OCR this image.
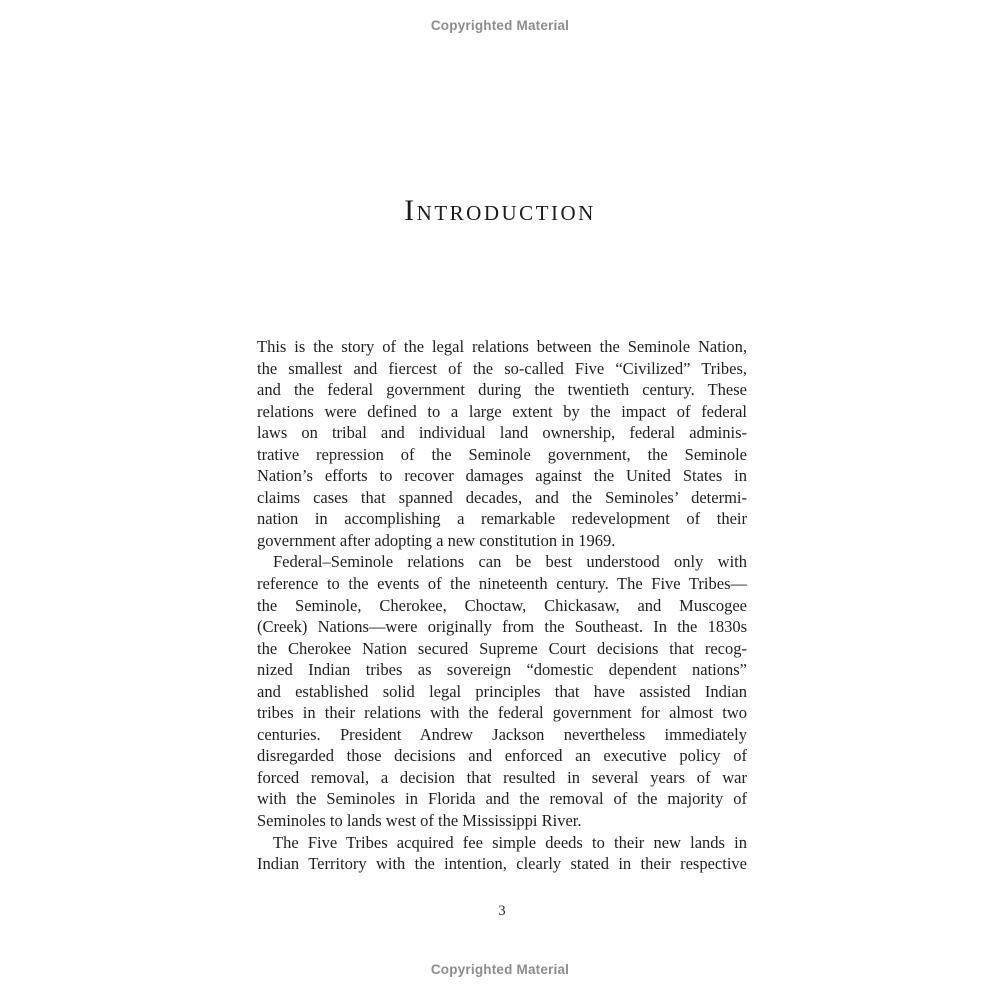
Copyrighted Material
Introduction
This is the story of the legal relations between the Seminole Nation,
the smallest and fiercest of the so-called Five “Civilized” Tribes,
and the federal government during the twentieth century. These
relations were defined to a large extent by the impact of federal
laws on tribal and individual land ownership, federal adminis-
trative repression of the Seminole government, the Seminole
Nation’s efforts to recover damages against the United States in
claims cases that spanned decades, and the Seminoles’ determi-
nation in accomplishing a remarkable redevelopment of their
government after adopting a new constitution in 1969.
Federal–Seminole relations can be best understood only with
reference to the events of the nineteenth century. The Five Tribes—
the Seminole, Cherokee, Choctaw, Chickasaw, and Muscogee
(Creek) Nations—were originally from the Southeast. In the 1830s
the Cherokee Nation secured Supreme Court decisions that recog-
nized Indian tribes as sovereign “domestic dependent nations”
and established solid legal principles that have assisted Indian
tribes in their relations with the federal government for almost two
centuries. President Andrew Jackson nevertheless immediately
disregarded those decisions and enforced an executive policy of
forced removal, a decision that resulted in several years of war
with the Seminoles in Florida and the removal of the majority of
Seminoles to lands west of the Mississippi River.
The Five Tribes acquired fee simple deeds to their new lands in
Indian Territory with the intention, clearly stated in their respective
3
Copyrighted Material
